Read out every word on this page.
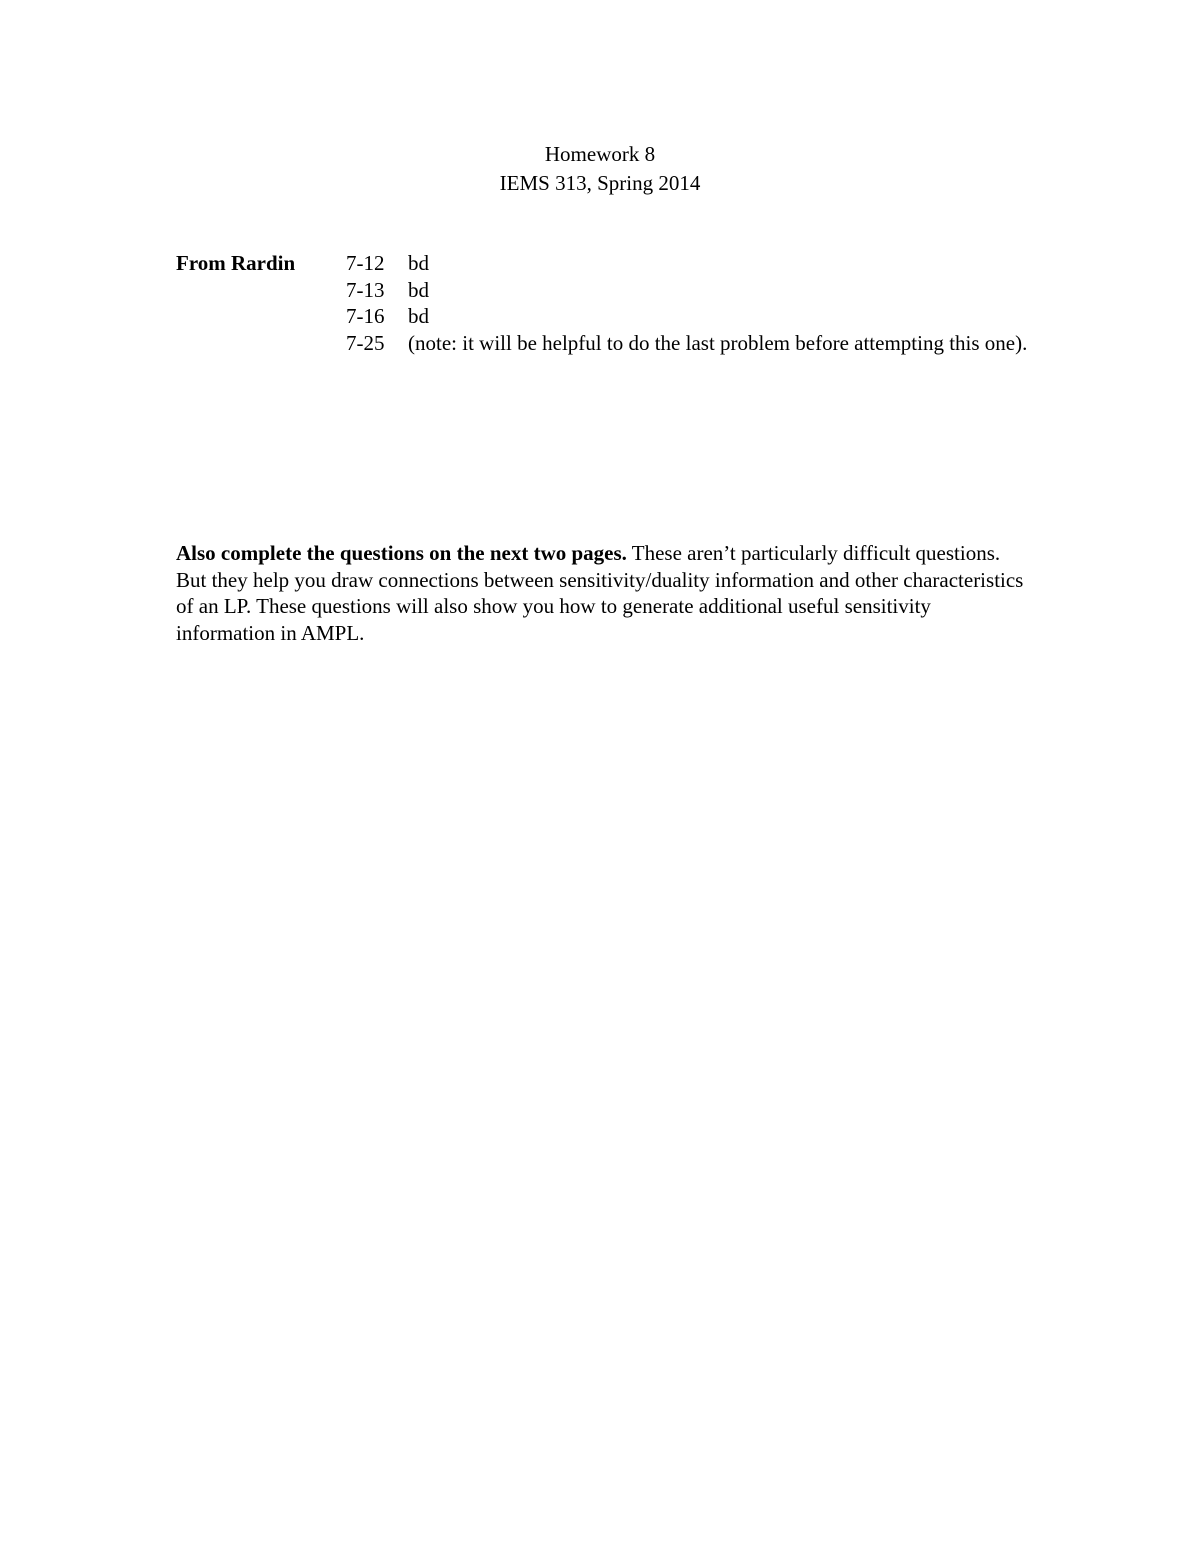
Homework 8
IEMS 313, Spring 2014
From Rardin 7-12	bd
7-13	bd
7-16	bd
7-25	(note: it will be helpful to do the last problem before attempting this one).

Also complete the questions on the next two pages. These aren’t particularly difficult questions. But they help you draw connections between sensitivity/duality information and other characteristics of an LP. These questions will also show you how to generate additional useful sensitivity information in AMPL.
